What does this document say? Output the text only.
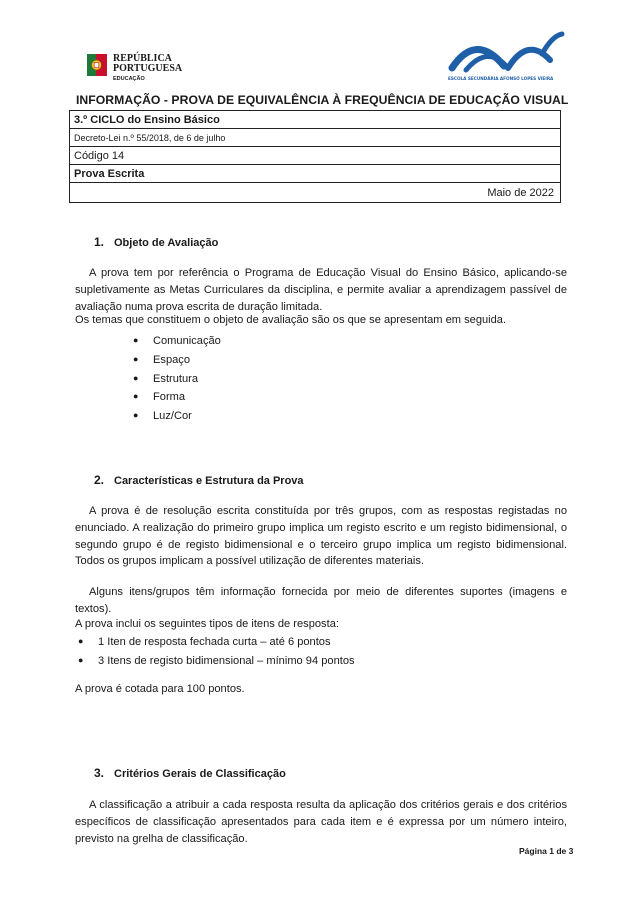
REPÚBLICA
PORTUGUESA
EDUCAÇÃO	ESCOLA SECUNDÁRIA AFONSO LOPES VIEIRA
INFORMAÇÃO - PROVA DE EQUIVALÊNCIA À FREQUÊNCIA DE EDUCAÇÃO VISUAL
3.º CICLO do Ensino Básico
Decreto-Lei n.º 55/2018, de 6 de julho
Código 14
Prova Escrita
Maio de 2022
1. Objeto de Avaliação
A prova tem por referência o Programa de Educação Visual do Ensino Básico, aplicando-se supletivamente as Metas Curriculares da disciplina, e permite avaliar a aprendizagem passível de avaliação numa prova escrita de duração limitada.
Os temas que constituem o objeto de avaliação são os que se apresentam em seguida.
● Comunicação
● Espaço
● Estrutura
● Forma
● Luz/Cor
2. Características e Estrutura da Prova
A prova é de resolução escrita constituída por três grupos, com as respostas registadas no enunciado. A realização do primeiro grupo implica um registo escrito e um registo bidimensional, o segundo grupo é de registo bidimensional e o terceiro grupo implica um registo bidimensional. Todos os grupos implicam a possível utilização de diferentes materiais.
Alguns itens/grupos têm informação fornecida por meio de diferentes suportes (imagens e textos).
A prova inclui os seguintes tipos de itens de resposta:
● 1 Iten de resposta fechada curta – até 6 pontos
● 3 Itens de registo bidimensional – mínimo 94 pontos
A prova é cotada para 100 pontos.
3. Critérios Gerais de Classificação
A classificação a atribuir a cada resposta resulta da aplicação dos critérios gerais e dos critérios específicos de classificação apresentados para cada item e é expressa por um número inteiro, previsto na grelha de classificação.
Página 1 de 3
